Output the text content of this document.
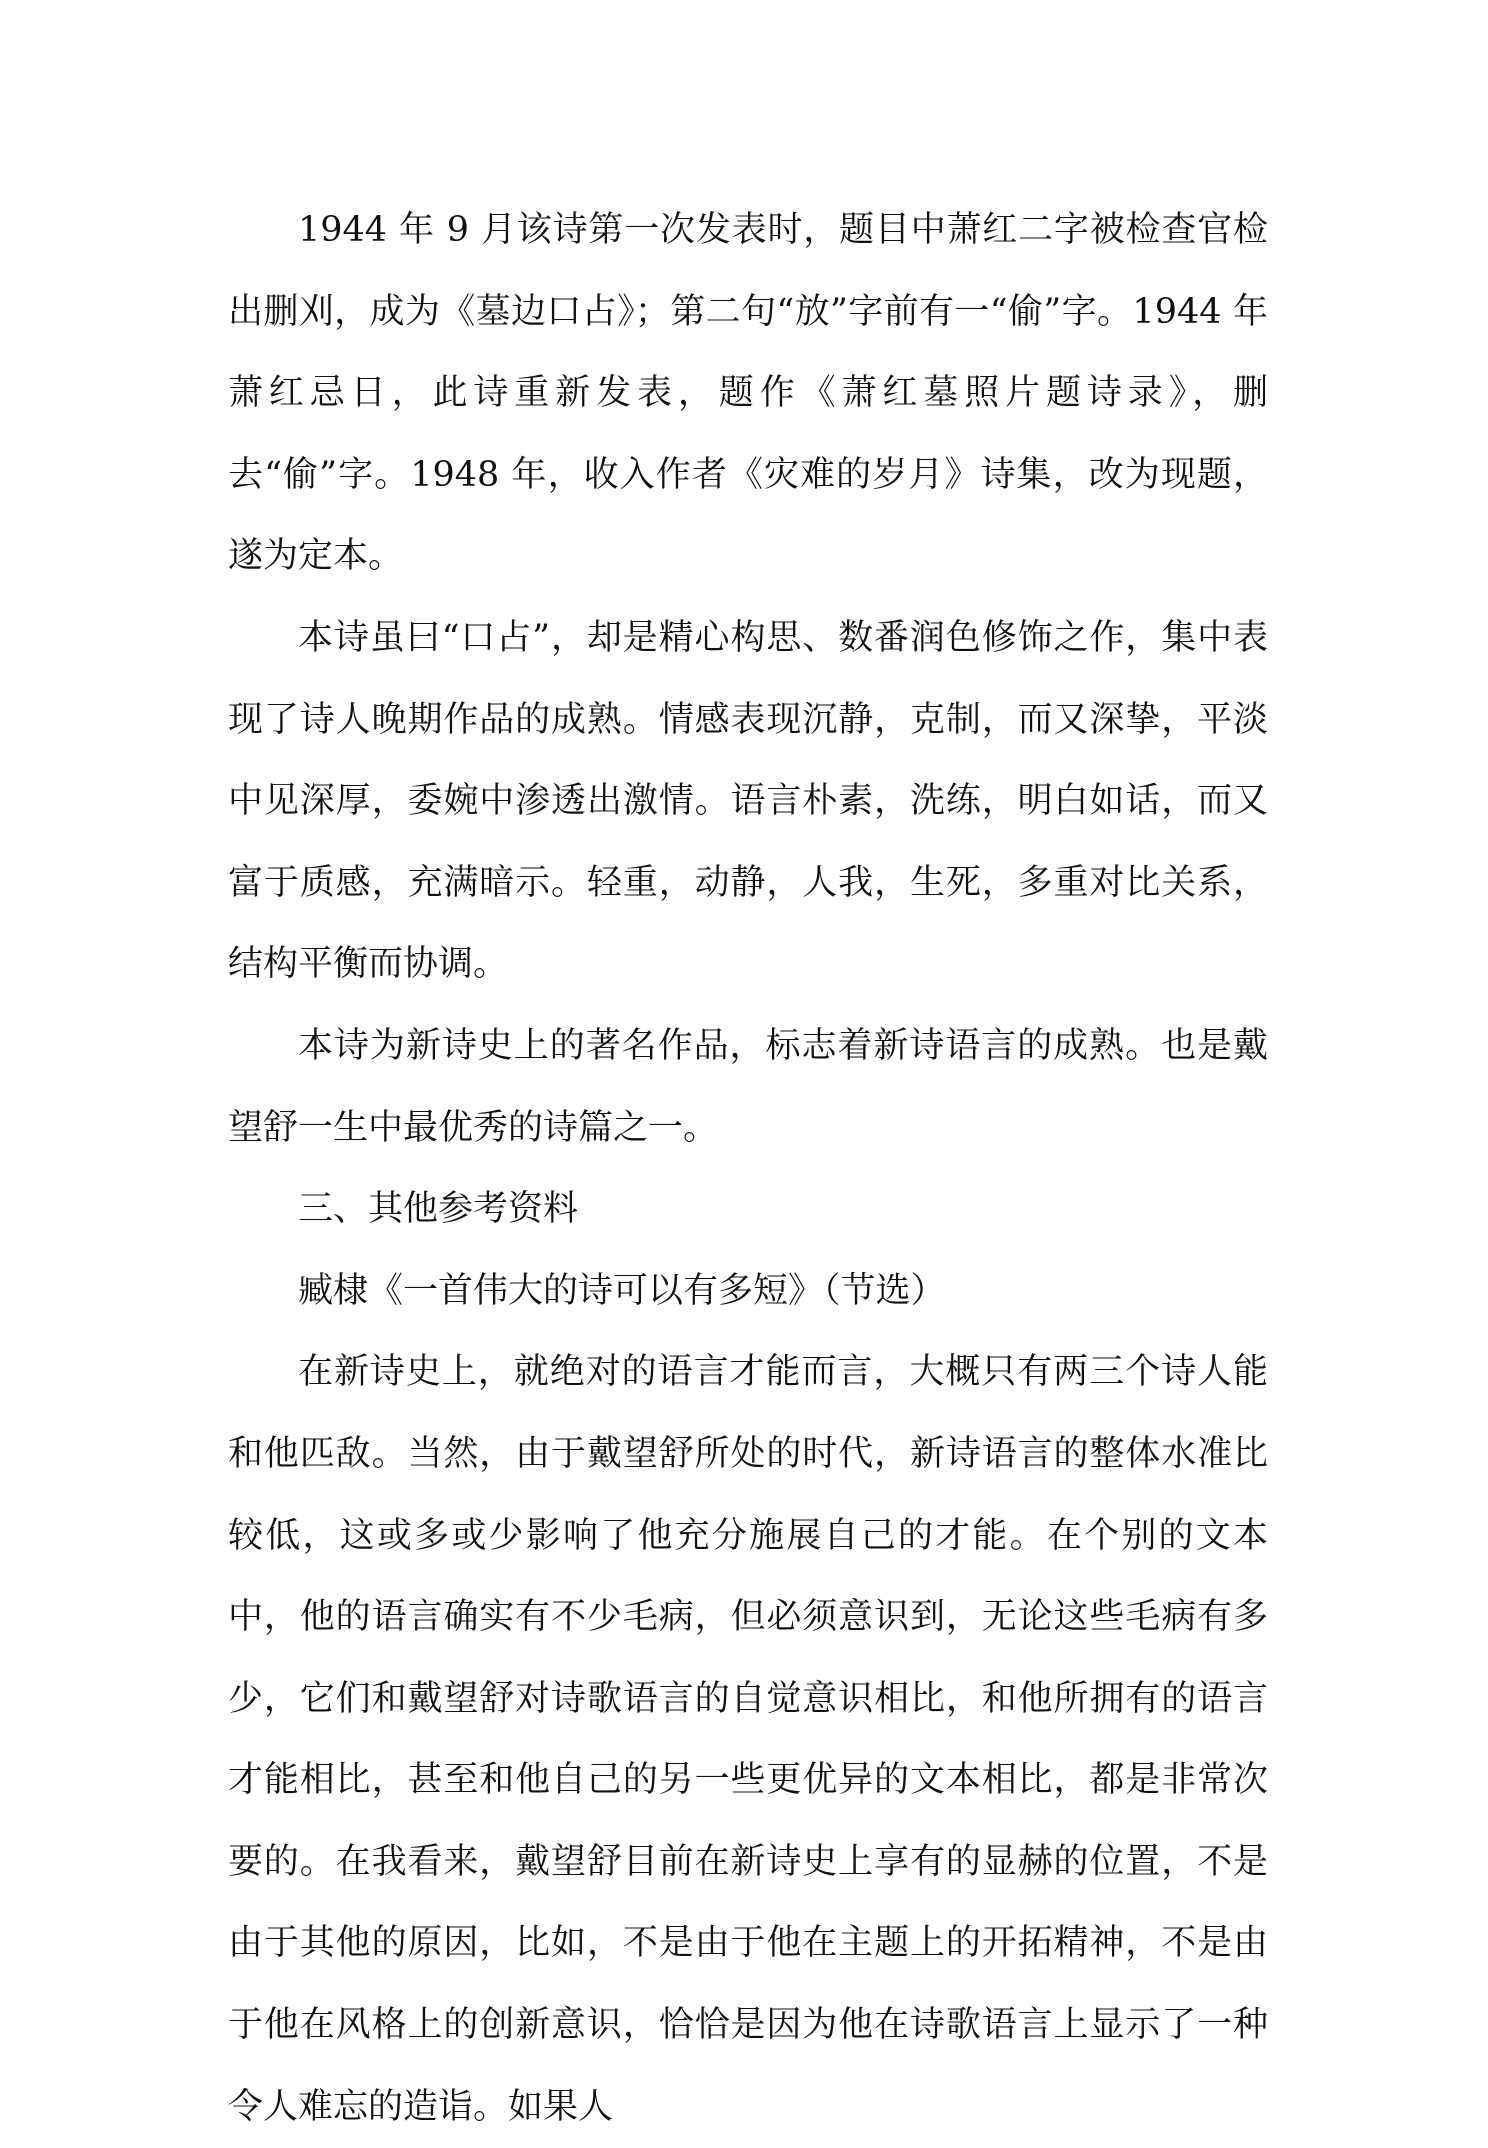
1944 年 9 月该诗第一次发表时，题目中萧红二字被检查官检出删刈，成为《墓边口占》；第二句“放”字前有一“偷”字。1944 年萧红忌日，此诗重新发表，题作《萧红墓照片题诗录》，删去“偷”字。1948 年，收入作者《灾难的岁月》诗集，改为现题，遂为定本。

本诗虽曰“口占”，却是精心构思、数番润色修饰之作，集中表现了诗人晚期作品的成熟。情感表现沉静，克制，而又深挚，平淡中见深厚，委婉中渗透出激情。语言朴素，洗练，明白如话，而又富于质感，充满暗示。轻重，动静，人我，生死，多重对比关系，结构平衡而协调。

本诗为新诗史上的著名作品，标志着新诗语言的成熟。也是戴望舒一生中最优秀的诗篇之一。

三、其他参考资料

臧棣《一首伟大的诗可以有多短》（节选）

在新诗史上，就绝对的语言才能而言，大概只有两三个诗人能和他匹敌。当然，由于戴望舒所处的时代，新诗语言的整体水准比较低，这或多或少影响了他充分施展自己的才能。在个别的文本中，他的语言确实有不少毛病，但必须意识到，无论这些毛病有多少，它们和戴望舒对诗歌语言的自觉意识相比，和他所拥有的语言才能相比，甚至和他自己的另一些更优异的文本相比，都是非常次要的。在我看来，戴望舒目前在新诗史上享有的显赫的位置，不是由于其他的原因，比如，不是由于他在主题上的开拓精神，不是由于他在风格上的创新意识，恰恰是因为他在诗歌语言上显示了一种令人难忘的造诣。如果人
